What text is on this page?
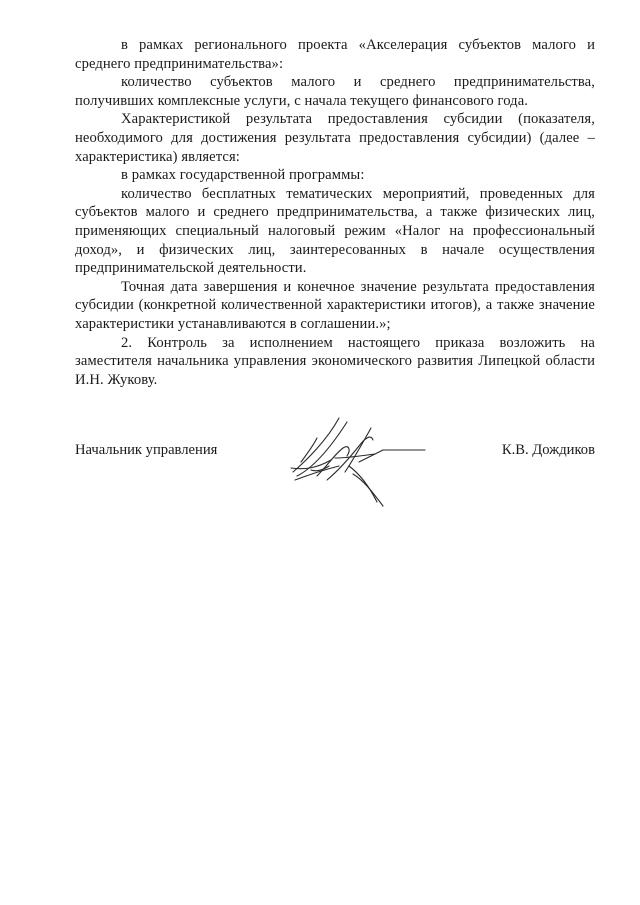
в рамках регионального проекта «Акселерация субъектов малого и среднего предпринимательства»:

количество субъектов малого и среднего предпринимательства, получивших комплексные услуги, с начала текущего финансового года.

Характеристикой результата предоставления субсидии (показателя, необходимого для достижения результата предоставления субсидии) (далее – характеристика) является:

в рамках государственной программы:

количество бесплатных тематических мероприятий, проведенных для субъектов малого и среднего предпринимательства, а также физических лиц, применяющих специальный налоговый режим «Налог на профессиональный доход», и физических лиц, заинтересованных в начале осуществления предпринимательской деятельности.

Точная дата завершения и конечное значение результата предоставления субсидии (конкретной количественной характеристики итогов), а также значение характеристики устанавливаются в соглашении.»;

2. Контроль за исполнением настоящего приказа возложить на заместителя начальника управления экономического развития Липецкой области И.Н. Жукову.

Начальник управления	К.В. Дождиков
